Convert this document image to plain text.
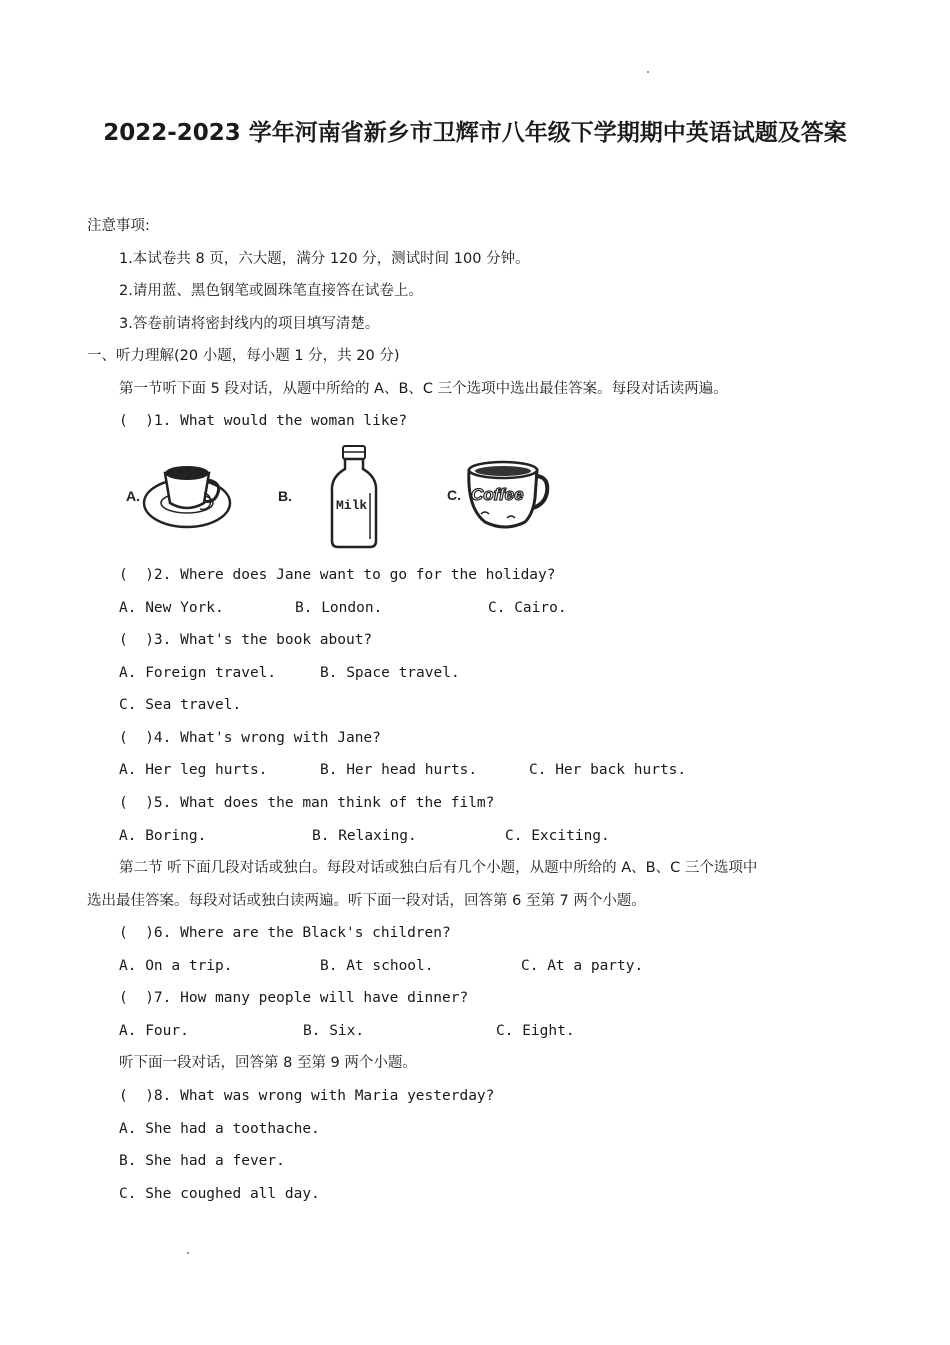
2022-2023 学年河南省新乡市卫辉市八年级下学期期中英语试题及答案
注意事项:
1.本试卷共 8 页，六大题，满分 120 分，测试时间 100 分钟。
2.请用蓝、黑色钢笔或圆珠笔直接答在试卷上。
3.答卷前请将密封线内的项目填写清楚。
一、听力理解(20 小题，每小题 1 分，共 20 分)
第一节听下面 5 段对话，从题中所给的 A、B、C 三个选项中选出最佳答案。每段对话读两遍。
(  )1. What would the woman like?
A.	B.
Milk
C. Coffee
(  )2. Where does Jane want to go for the holiday?
A. New York.	B. London.	C. Cairo.
(  )3. What's the book about?
A. Foreign travel.	B. Space travel.
C. Sea travel.
(  )4. What's wrong with Jane?
A. Her leg hurts.	B. Her head hurts.	C. Her back hurts.
(  )5. What does the man think of the film?
A. Boring.	B. Relaxing.	C. Exciting.
第二节 听下面几段对话或独白。每段对话或独白后有几个小题，从题中所给的 A、B、C 三个选项中
选出最佳答案。每段对话或独白读两遍。听下面一段对话，回答第 6 至第 7 两个小题。
(  )6. Where are the Black's children?
A. On a trip.	B. At school.	C. At a party.
(  )7. How many people will have dinner?
A. Four.	B. Six.	C. Eight.
听下面一段对话，回答第 8 至第 9 两个小题。
(  )8. What was wrong with Maria yesterday?
A. She had a toothache.
B. She had a fever.
C. She coughed all day.
